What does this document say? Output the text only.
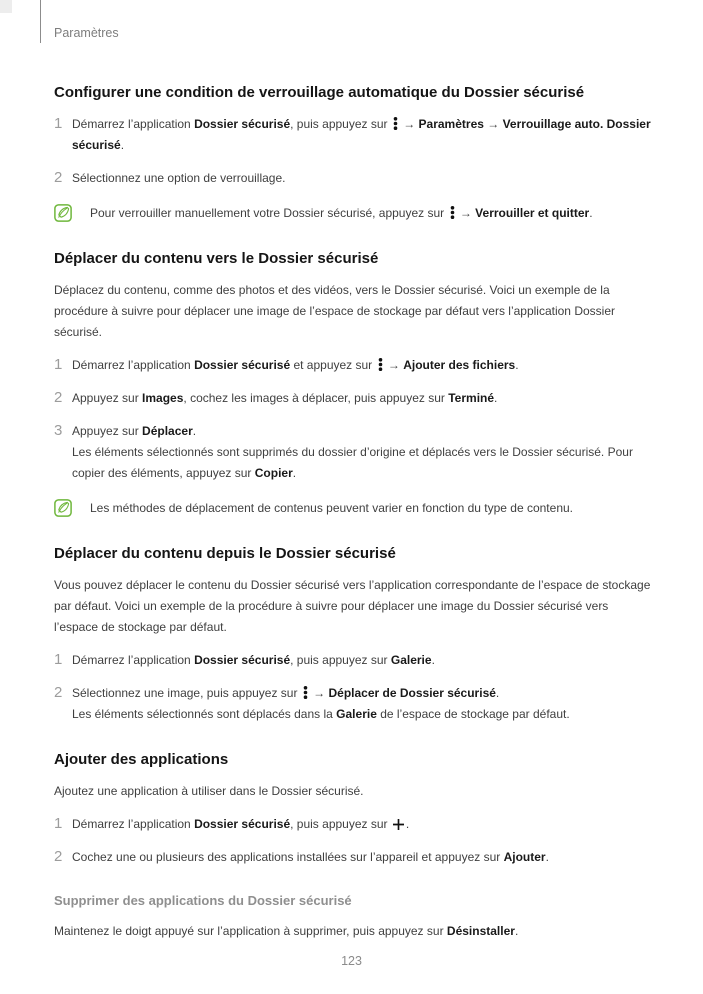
Paramètres
Configurer une condition de verrouillage automatique du Dossier sécurisé
1 Démarrez l’application Dossier sécurisé, puis appuyez sur  → Paramètres → Verrouillage auto. Dossier sécurisé.
2 Sélectionnez une option de verrouillage.
Pour verrouiller manuellement votre Dossier sécurisé, appuyez sur  → Verrouiller et quitter.
Déplacer du contenu vers le Dossier sécurisé

Déplacez du contenu, comme des photos et des vidéos, vers le Dossier sécurisé. Voici un exemple de la procédure à suivre pour déplacer une image de l’espace de stockage par défaut vers l’application Dossier sécurisé.

1 Démarrez l’application Dossier sécurisé et appuyez sur  → Ajouter des fichiers.
2 Appuyez sur Images, cochez les images à déplacer, puis appuyez sur Terminé.
3 Appuyez sur Déplacer.
Les éléments sélectionnés sont supprimés du dossier d’origine et déplacés vers le Dossier sécurisé. Pour copier des éléments, appuyez sur Copier.
Les méthodes de déplacement de contenus peuvent varier en fonction du type de contenu.
Déplacer du contenu depuis le Dossier sécurisé

Vous pouvez déplacer le contenu du Dossier sécurisé vers l’application correspondante de l’espace de stockage par défaut. Voici un exemple de la procédure à suivre pour déplacer une image du Dossier sécurisé vers l’espace de stockage par défaut.

1 Démarrez l’application Dossier sécurisé, puis appuyez sur Galerie.
2 Sélectionnez une image, puis appuyez sur  → Déplacer de Dossier sécurisé.
Les éléments sélectionnés sont déplacés dans la Galerie de l’espace de stockage par défaut.
Ajouter des applications

Ajoutez une application à utiliser dans le Dossier sécurisé.

1 Démarrez l’application Dossier sécurisé, puis appuyez sur .
2 Cochez une ou plusieurs des applications installées sur l’appareil et appuyez sur Ajouter.
Supprimer des applications du Dossier sécurisé

Maintenez le doigt appuyé sur l’application à supprimer, puis appuyez sur Désinstaller.

123
